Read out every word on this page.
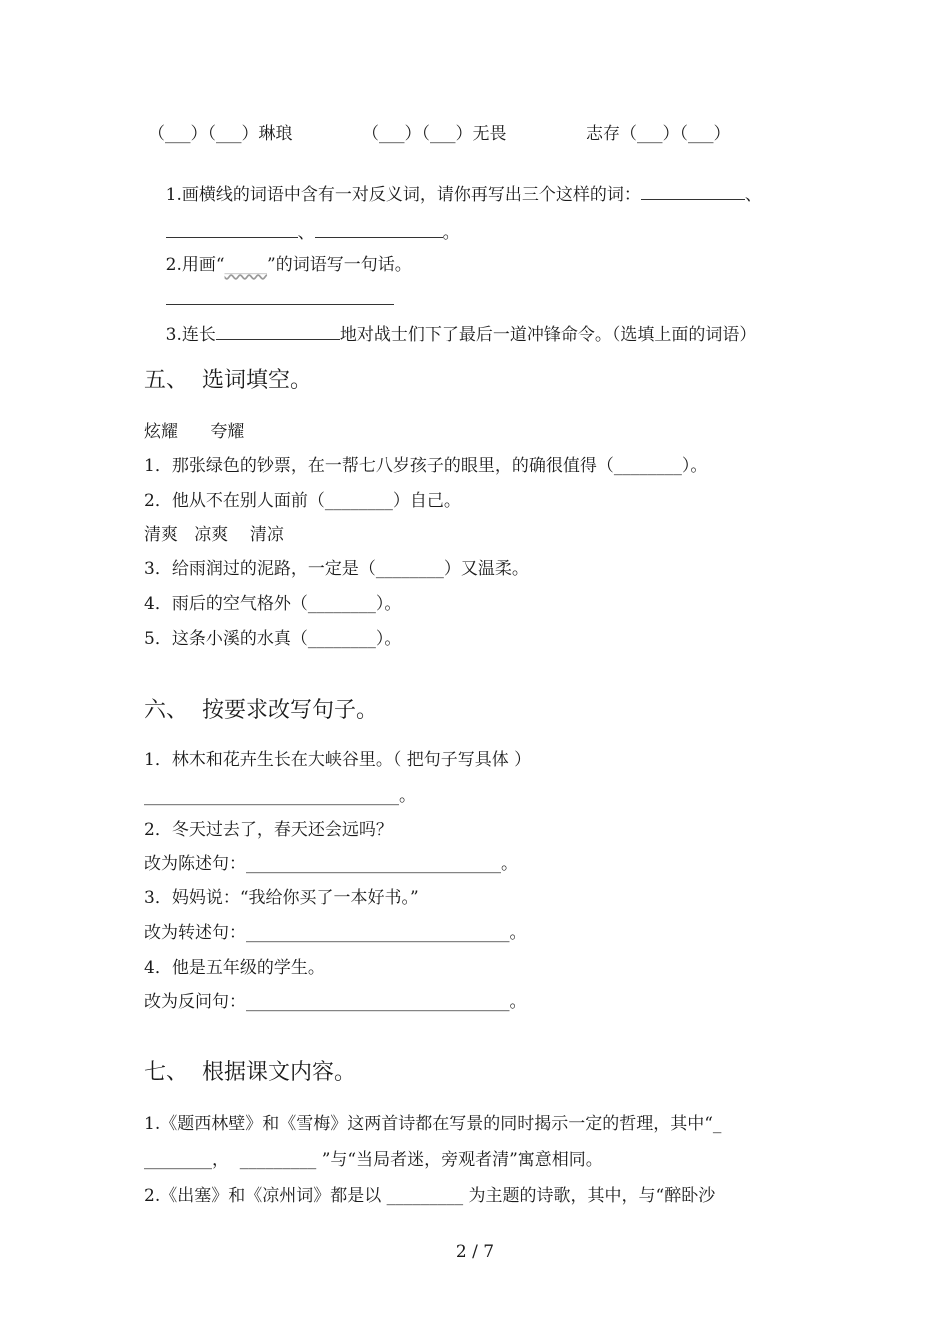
（___）（___）琳琅	（___）（___）无畏	志存（___）（___）

1.画横线的词语中含有一对反义词，请你再写出三个这样的词：	、

、	。

2.用画“_____”的词语写一句话。

3.连长	地对战士们下了最后一道冲锋命令。（选填上面的词语）

五、  选词填空。
炫耀      夸耀
1．那张绿色的钞票，在一帮七八岁孩子的眼里，的确很值得（________）。
2．他从不在别人面前（________）自己。
清爽   凉爽    清凉
3．给雨润过的泥路，一定是（________）又温柔。
4．雨后的空气格外（________）。
5．这条小溪的水真（________）。
六、  按要求改写句子。
1．林木和花卉生长在大峡谷里。（ 把句子写具体 ）
______________________________。
2．冬天过去了，春天还会远吗？
改为陈述句：______________________________。
3．妈妈说：“我给你买了一本好书。”
改为转述句：_______________________________。
4．他是五年级的学生。
改为反问句：_______________________________。
七、  根据课文内容。
1.《题西林壁》和《雪梅》这两首诗都在写景的同时揭示一定的哲理，其中“_
________，  _________ ”与“当局者迷，旁观者清”寓意相同。
2.《出塞》和《凉州词》都是以 _________ 为主题的诗歌，其中，与“醉卧沙
2 / 7
